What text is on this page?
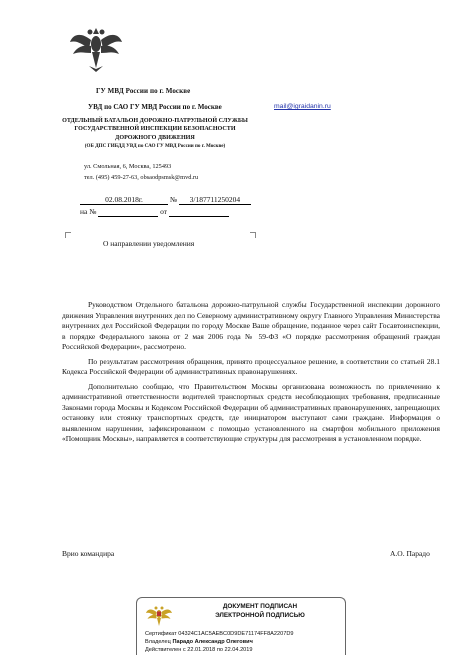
ГУ МВД России по г. Москве
УВД по САО ГУ МВД России по г. Москве
ОТДЕЛЬНЫЙ БАТАЛЬОН ДОРОЖНО-ПАТРУЛЬНОЙ СЛУЖБЫ ГОСУДАРСТВЕННОЙ ИНСПЕКЦИИ БЕЗОПАСНОСТИ ДОРОЖНОГО ДВИЖЕНИЯ
(ОБ ДПС ГИБДД УВД по САО ГУ МВД России по г. Москве)
ул. Смольная, 6, Москва, 125493
тел. (495) 459-27-63, obsaodpsmsk@mvd.ru
mail@igraidanin.ru
02.08.2018г.	№ 3/187711250204
на №	от
О направлении уведомления

Руководством Отдельного батальона дорожно-патрульной службы Государственной инспекции дорожного движения Управления внутренних дел по Северному административному округу Главного Управления Министерства внутренних дел Российской Федерации по городу Москве Ваше обращение, поданное через сайт Госавтоинспекции, в порядке Федерального закона от 2 мая 2006 года № 59-ФЗ «О порядке рассмотрения обращений граждан Российской Федерации», рассмотрено.

По результатам рассмотрения обращения, принято процессуальное решение, в соответствии со статьей 28.1 Кодекса Российской Федерации об административных правонарушениях.

Дополнительно сообщаю, что Правительством Москвы организована возможность по привлечению к административной ответственности водителей транспортных средств несоблюдающих требования, предписанные Законами города Москвы и Кодексом Российской Федерации об административных правонарушениях, запрещающих остановку или стоянку транспортных средств, где инициатором выступают сами граждане. Информация о выявленном нарушении, зафиксированном с помощью установленного на смартфон мобильного приложения «Помощник Москвы», направляется в соответствующие структуры для рассмотрения в установленном порядке.

Врио командира	А.О. Парадо
ДОКУМЕНТ ПОДПИСАН
ЭЛЕКТРОННОЙ ПОДПИСЬЮ
Сертификат 04324C1AC5AEBC0D9DE71174FF8A2207D9
Владелец Парадо Александр Олегович
Действителен с 22.01.2018 по 22.04.2019
